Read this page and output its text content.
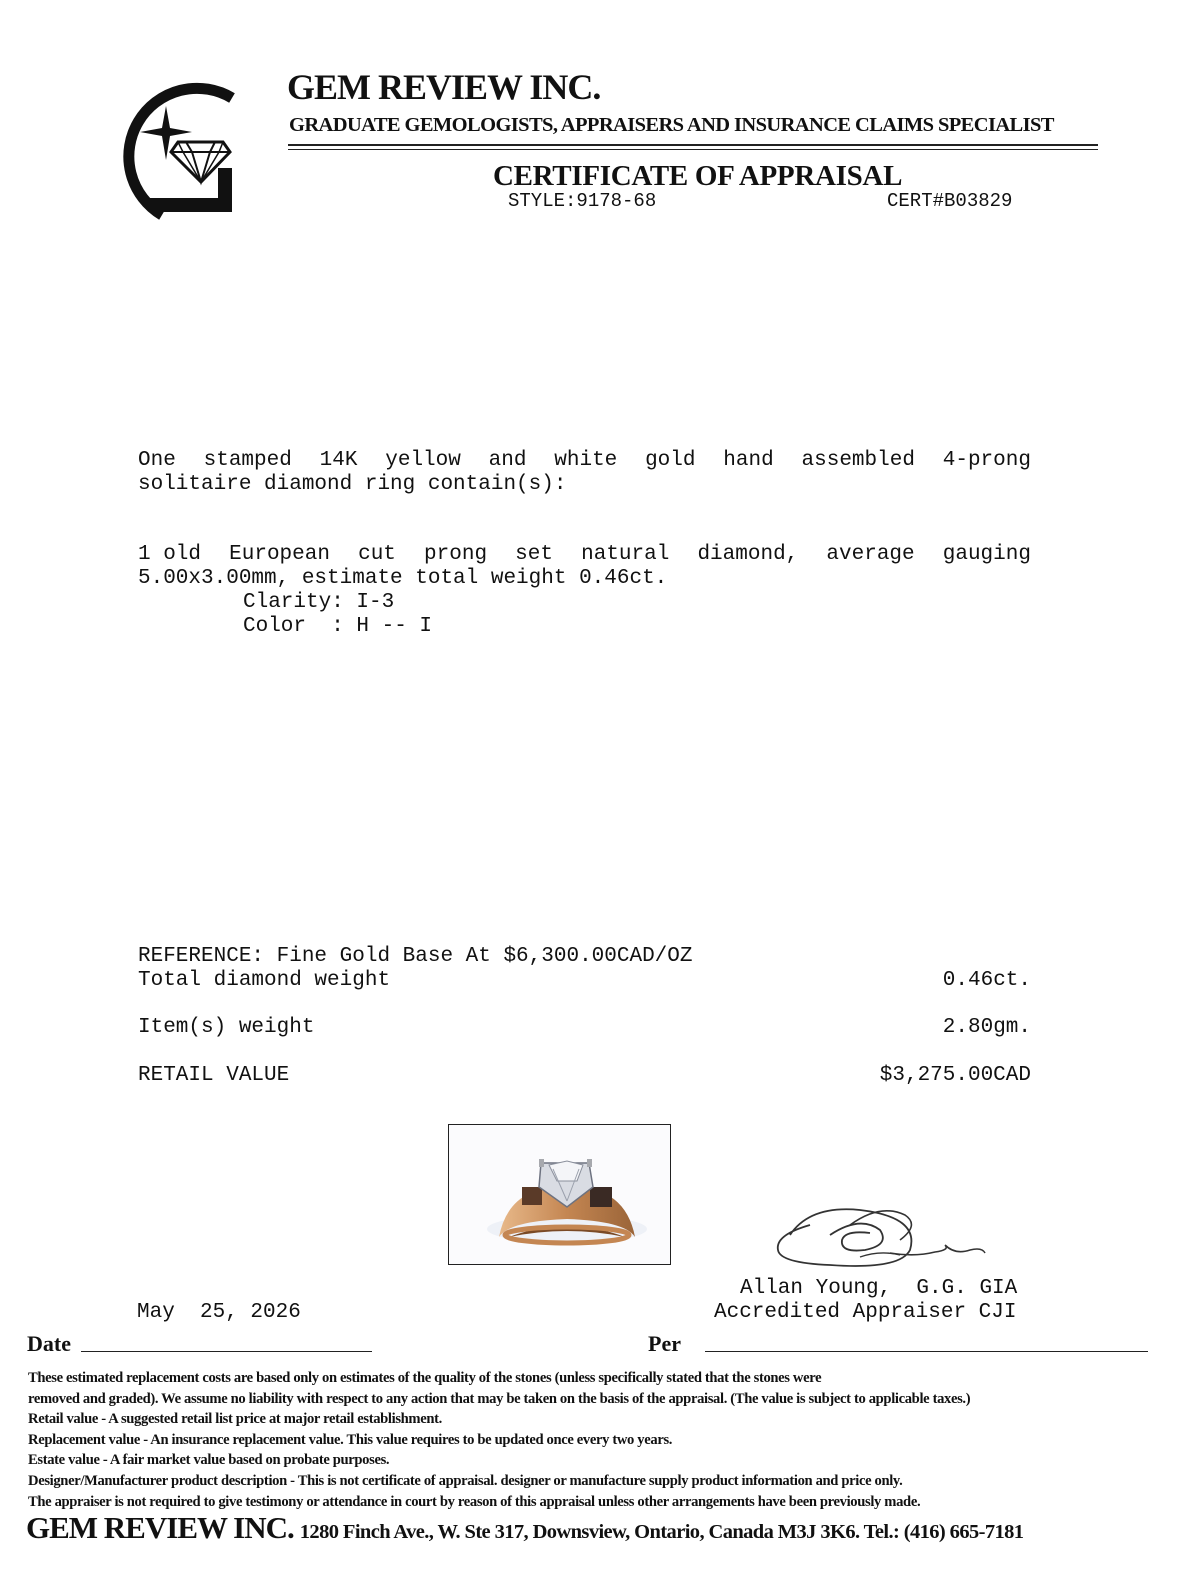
GEM REVIEW INC.
GRADUATE GEMOLOGISTS, APPRAISERS AND INSURANCE CLAIMS SPECIALIST
CERTIFICATE OF APPRAISAL
STYLE:9178-68	CERT#B03829
One stamped 14K yellow and white gold hand assembled 4-prong
solitaire diamond ring contain(s):
1 old European cut prong set natural diamond, average gauging
5.00x3.00mm, estimate total weight 0.46ct.
Clarity: I-3
Color  : H -- I
REFERENCE: Fine Gold Base At $6,300.00CAD/OZ
Total diamond weight	0.46ct.
Item(s) weight	2.80gm.
RETAIL VALUE	$3,275.00CAD
Allan Young,  G.G. GIA
Accredited Appraiser CJI
May  25, 2026
Date	Per
These estimated replacement costs are based only on estimates of the quality of the stones (unless specifically stated that the stones were
removed and graded). We assume no liability with respect to any action that may be taken on the basis of the appraisal. (The value is subject to applicable taxes.)
Retail value - A suggested retail list price at major retail establishment.
Replacement value - An insurance replacement value. This value requires to be updated once every two years.
Estate value - A fair market value based on probate purposes.
Designer/Manufacturer product description - This is not certificate of appraisal. designer or manufacture supply product information and price only.
The appraiser is not required to give testimony or attendance in court by reason of this appraisal unless other arrangements have been previously made.
GEM REVIEW INC. 1280 Finch Ave., W. Ste 317, Downsview, Ontario, Canada M3J 3K6. Tel.: (416) 665-7181
